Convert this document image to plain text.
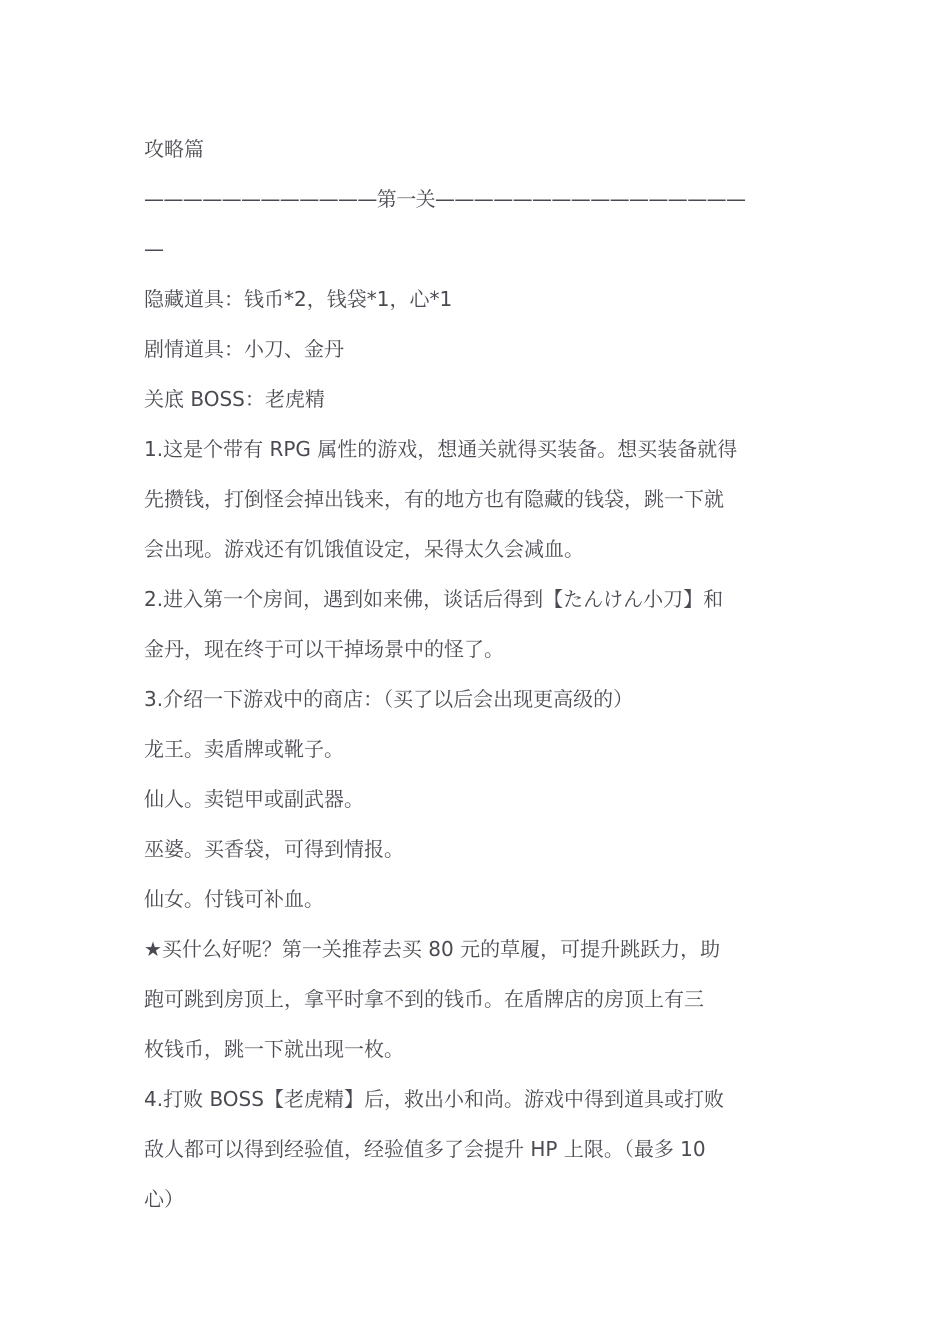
攻略篇
————————————第一关————————————————
—
隐藏道具：钱币*2，钱袋*1，心*1
剧情道具：小刀、金丹
关底 BOSS：老虎精
1.这是个带有 RPG 属性的游戏，想通关就得买装备。想买装备就得
先攒钱，打倒怪会掉出钱来，有的地方也有隐藏的钱袋，跳一下就
会出现。游戏还有饥饿值设定，呆得太久会减血。
2.进入第一个房间，遇到如来佛，谈话后得到【たんけん小刀】和
金丹，现在终于可以干掉场景中的怪了。
3.介绍一下游戏中的商店：（买了以后会出现更高级的）
龙王。卖盾牌或靴子。
仙人。卖铠甲或副武器。
巫婆。买香袋，可得到情报。
仙女。付钱可补血。
★买什么好呢？第一关推荐去买 80 元的草履，可提升跳跃力，助
跑可跳到房顶上，拿平时拿不到的钱币。在盾牌店的房顶上有三
枚钱币，跳一下就出现一枚。
4.打败 BOSS【老虎精】后，救出小和尚。游戏中得到道具或打败
敌人都可以得到经验值，经验值多了会提升 HP 上限。（最多 10
心）
